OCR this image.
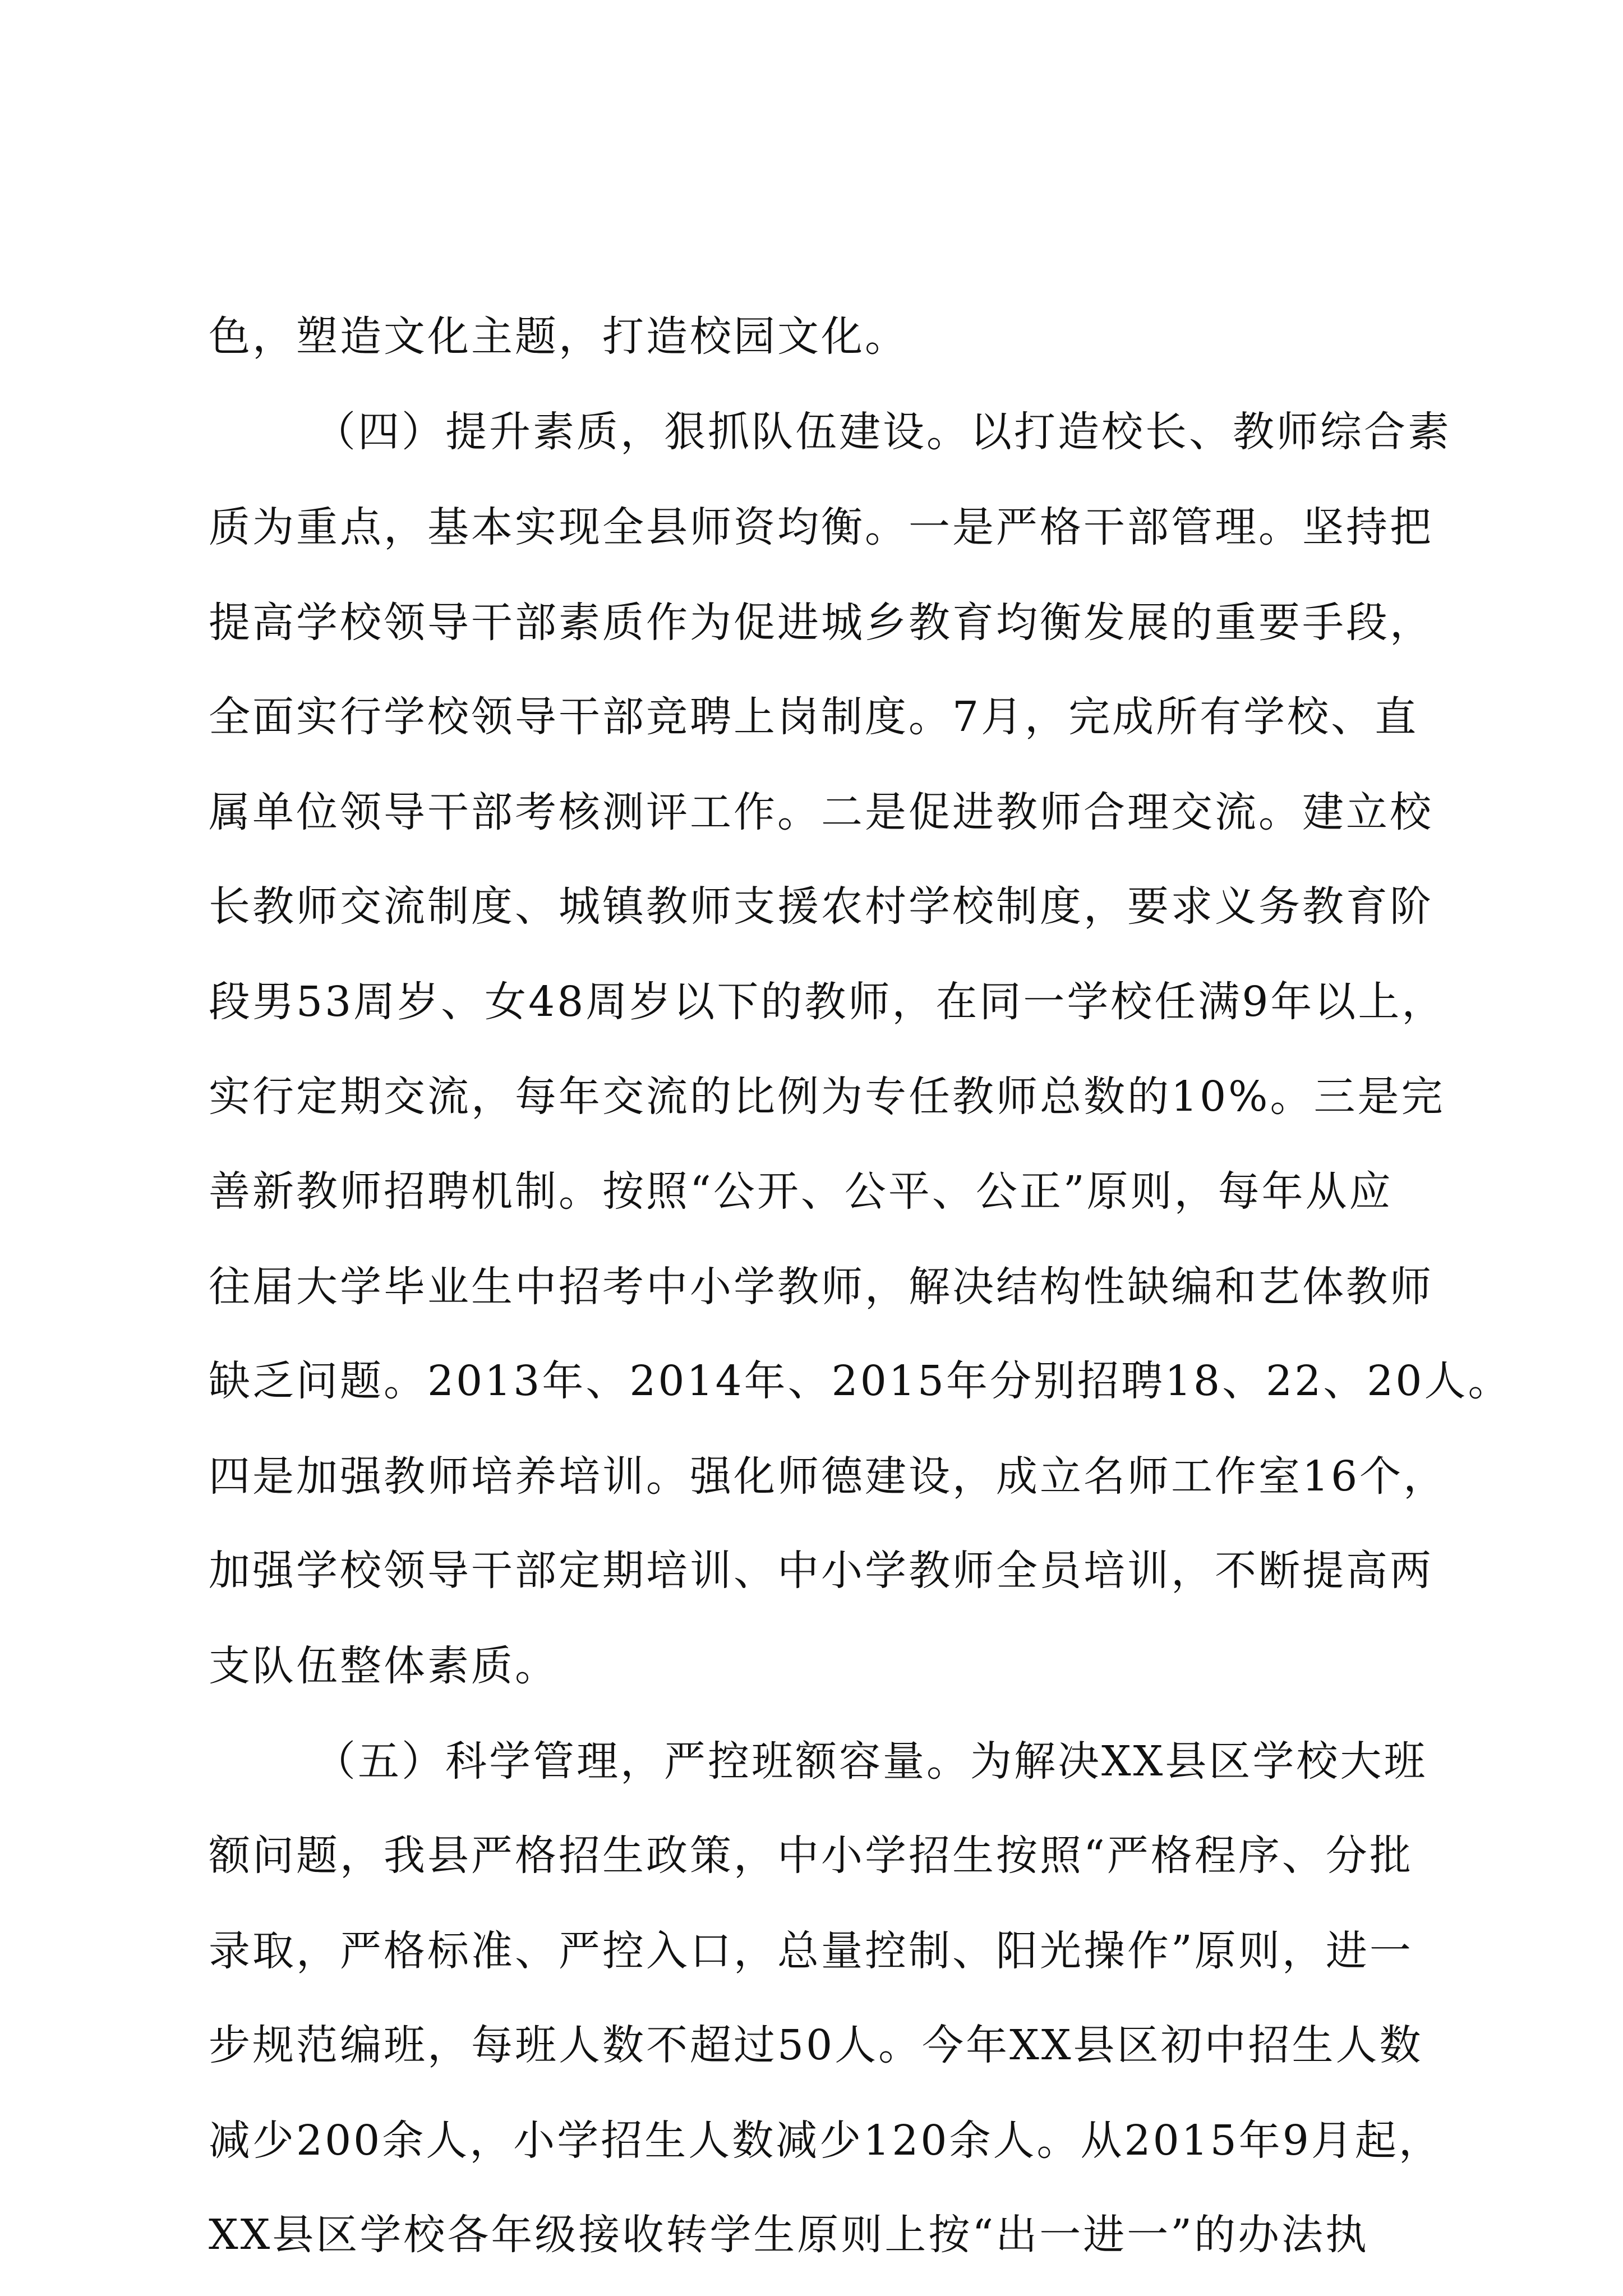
色，塑造文化主题，打造校园文化。
（四）提升素质，狠抓队伍建设。以打造校长、教师综合素
质为重点，基本实现全县师资均衡。一是严格干部管理。坚持把
提高学校领导干部素质作为促进城乡教育均衡发展的重要手段，
全面实行学校领导干部竞聘上岗制度。7月，完成所有学校、直
属单位领导干部考核测评工作。二是促进教师合理交流。建立校
长教师交流制度、城镇教师支援农村学校制度，要求义务教育阶
段男53周岁、女48周岁以下的教师，在同一学校任满9年以上，
实行定期交流，每年交流的比例为专任教师总数的10%。三是完
善新教师招聘机制。按照“公开、公平、公正”原则，每年从应
往届大学毕业生中招考中小学教师，解决结构性缺编和艺体教师
缺乏问题。2013年、2014年、2015年分别招聘18、22、20人。
四是加强教师培养培训。强化师德建设，成立名师工作室16个，
加强学校领导干部定期培训、中小学教师全员培训，不断提高两
支队伍整体素质。
（五）科学管理，严控班额容量。为解决XX县区学校大班
额问题，我县严格招生政策，中小学招生按照“严格程序、分批
录取，严格标准、严控入口，总量控制、阳光操作”原则，进一
步规范编班，每班人数不超过50人。今年XX县区初中招生人数
减少200余人，小学招生人数减少120余人。从2015年9月起，
XX县区学校各年级接收转学生原则上按“出一进一”的办法执
